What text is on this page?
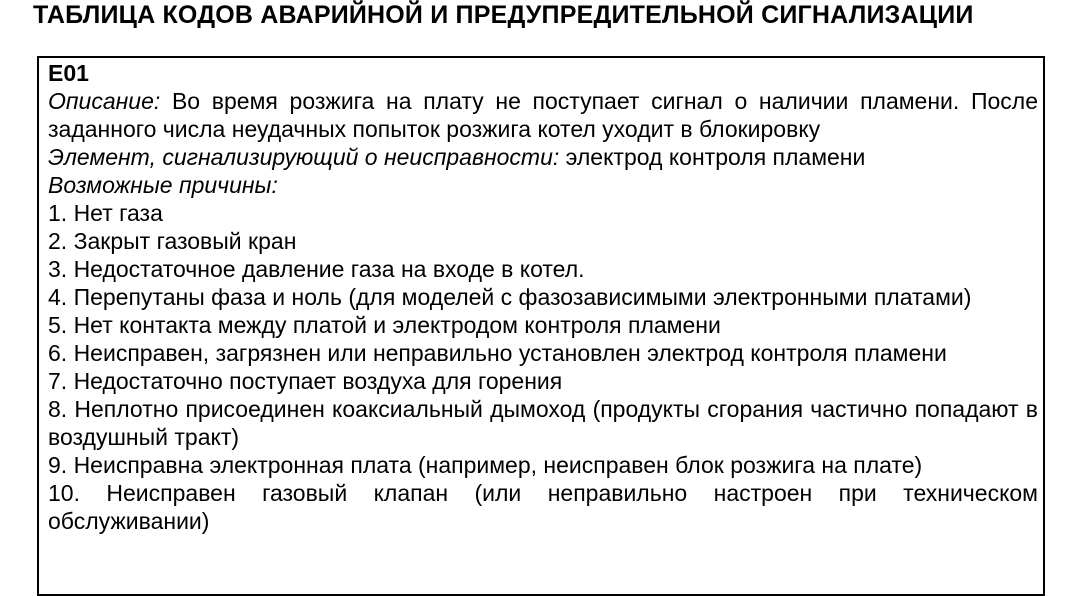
ТАБЛИЦА КОДОВ АВАРИЙНОЙ И ПРЕДУПРЕДИТЕЛЬНОЙ СИГНАЛИЗАЦИИ

E01

Описание: Во время розжига на плату не поступает сигнал о наличии пламени. После заданного числа неудачных попыток розжига котел уходит в блокировку

Элемент, сигнализирующий о неисправности: электрод контроля пламени

Возможные причины:

1. Нет газа

2. Закрыт газовый кран

3. Недостаточное давление газа на входе в котел.

4. Перепутаны фаза и ноль (для моделей с фазозависимыми электронными платами)

5. Нет контакта между платой и электродом контроля пламени

6. Неисправен, загрязнен или неправильно установлен электрод контроля пламени

7. Недостаточно поступает воздуха для горения

8. Неплотно присоединен коаксиальный дымоход (продукты сгорания частично попадают в воздушный тракт)

9. Неисправна электронная плата (например, неисправен блок розжига на плате)

10. Неисправен газовый клапан (или неправильно настроен при техническом обслуживании)
